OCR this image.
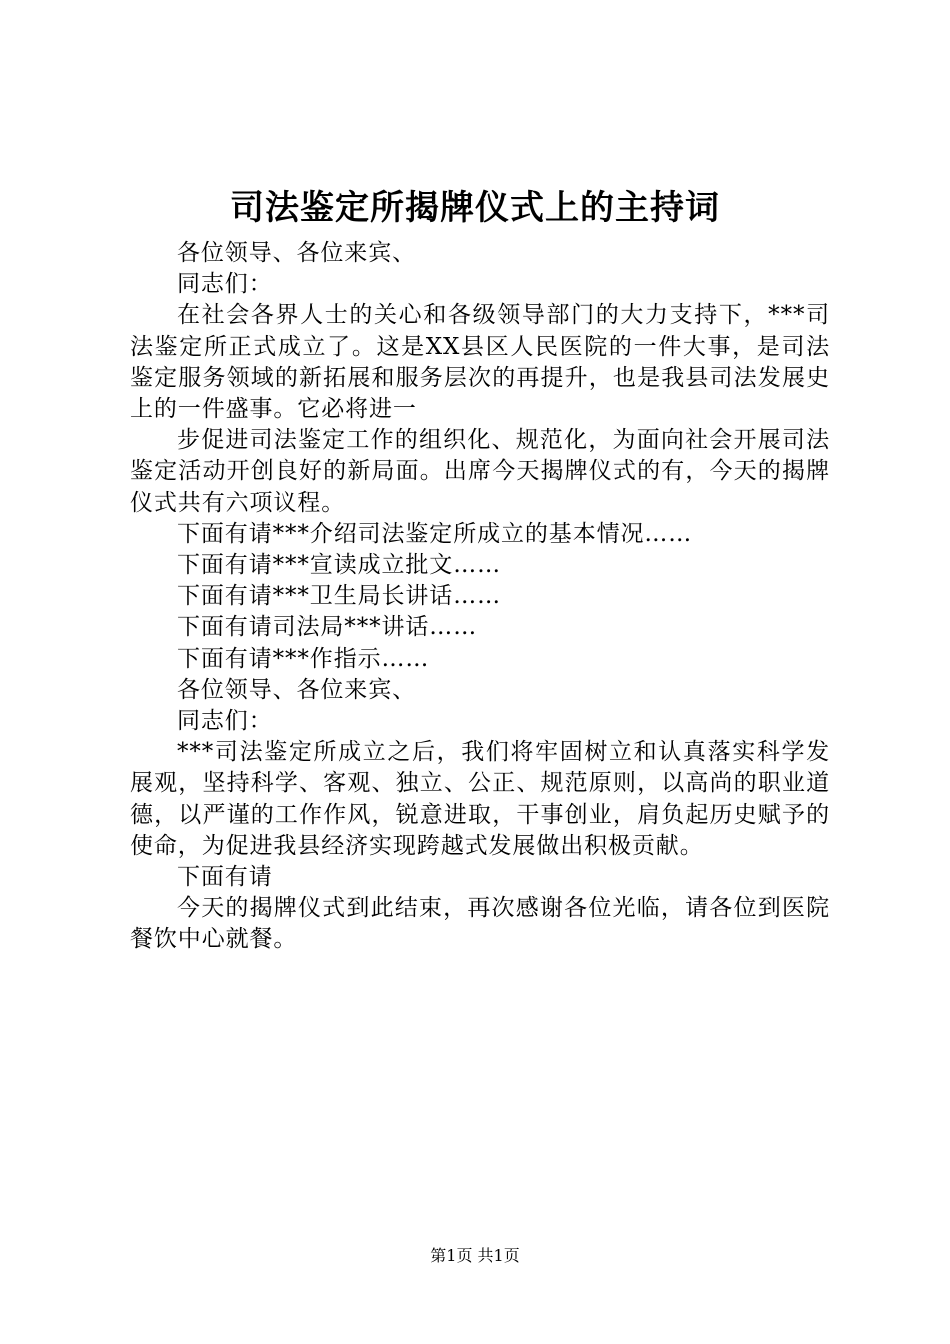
司法鉴定所揭牌仪式上的主持词

各位领导、各位来宾、

同志们：

在社会各界人士的关心和各级领导部门的大力支持下，***司法鉴定所正式成立了。这是XX县区人民医院的一件大事，是司法鉴定服务领域的新拓展和服务层次的再提升，也是我县司法发展史上的一件盛事。它必将进一

步促进司法鉴定工作的组织化、规范化，为面向社会开展司法鉴定活动开创良好的新局面。出席今天揭牌仪式的有，今天的揭牌仪式共有六项议程。

下面有请***介绍司法鉴定所成立的基本情况……

下面有请***宣读成立批文……

下面有请***卫生局长讲话……

下面有请司法局***讲话……

下面有请***作指示……

各位领导、各位来宾、

同志们：

***司法鉴定所成立之后，我们将牢固树立和认真落实科学发展观，坚持科学、客观、独立、公正、规范原则，以高尚的职业道德，以严谨的工作作风，锐意进取，干事创业，肩负起历史赋予的使命，为促进我县经济实现跨越式发展做出积极贡献。

下面有请

今天的揭牌仪式到此结束，再次感谢各位光临，请各位到医院餐饮中心就餐。

第1页 共1页
